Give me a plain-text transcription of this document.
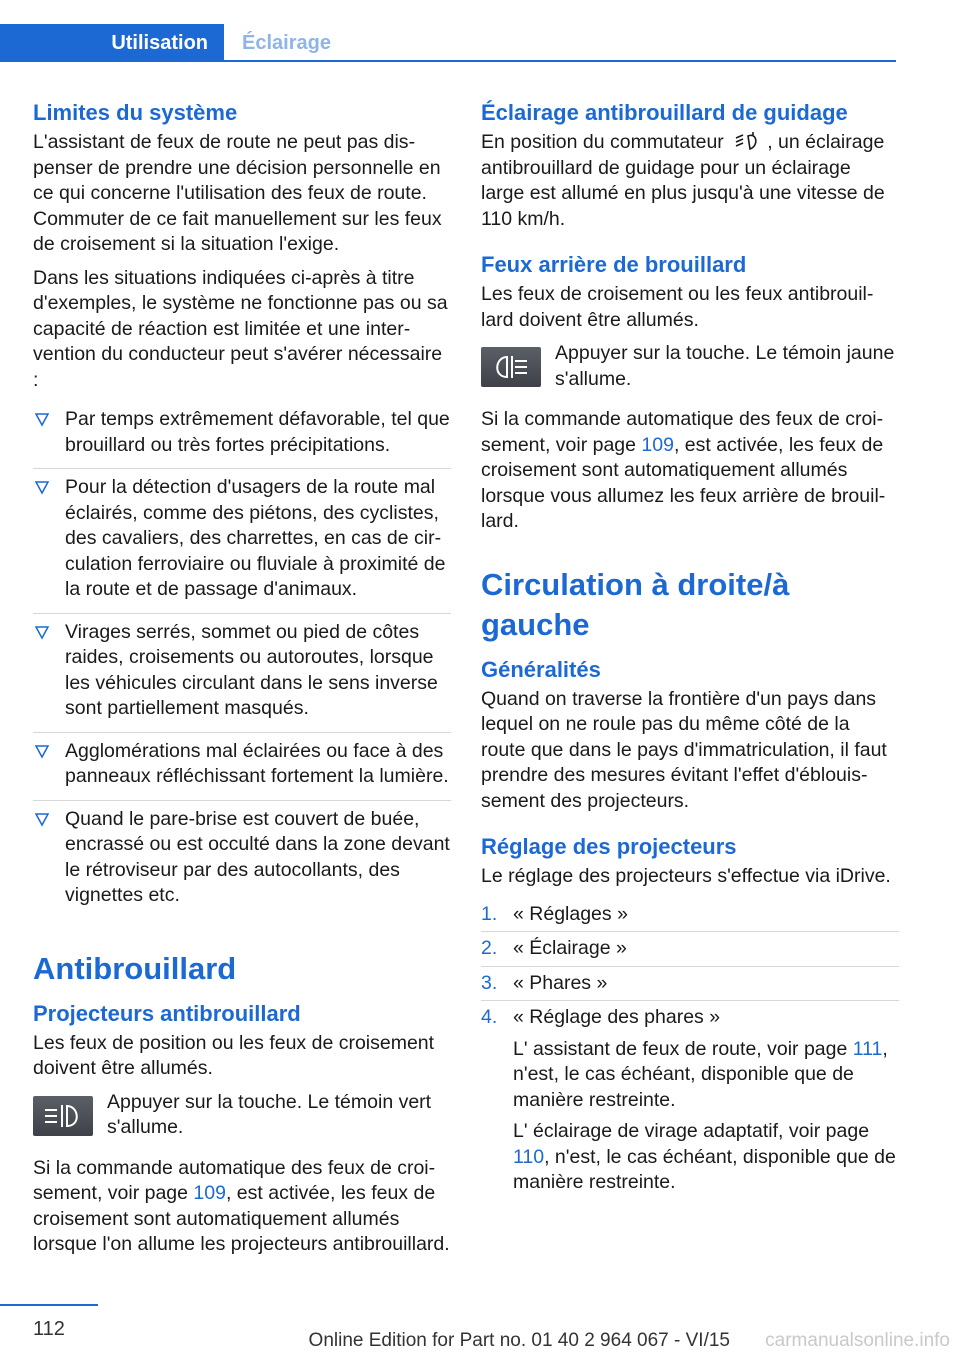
Utilisation	Éclairage
Limites du système

L'assistant de feux de route ne peut pas dispenser de prendre une décision personnelle en ce qui concerne l'utilisation des feux de route. Commuter de ce fait manuellement sur les feux de croisement si la situation l'exige.

Dans les situations indiquées ci-après à titre d'exemples, le système ne fonctionne pas ou sa capacité de réaction est limitée et une intervention du conducteur peut s'avérer nécessaire :

Par temps extrêmement défavorable, tel que brouillard ou très fortes précipitations.
Pour la détection d'usagers de la route mal éclairés, comme des piétons, des cyclistes, des cavaliers, des charrettes, en cas de circulation ferroviaire ou fluviale à proximité de la route et de passage d'animaux.
Virages serrés, sommet ou pied de côtes raides, croisements ou autoroutes, lorsque les véhicules circulant dans le sens inverse sont partiellement masqués.
Agglomérations mal éclairées ou face à des panneaux réfléchissant fortement la lumière.
Quand le pare-brise est couvert de buée, encrassé ou est occulté dans la zone devant le rétroviseur par des autocollants, des vignettes etc.
Antibrouillard
Projecteurs antibrouillard

Les feux de position ou les feux de croisement doivent être allumés.

Appuyer sur la touche. Le témoin vert s'allume.

Si la commande automatique des feux de croisement, voir page 109, est activée, les feux de croisement sont automatiquement allumés lorsque l'on allume les projecteurs antibrouillard.

Éclairage antibrouillard de guidage

En position du commutateur , un éclairage antibrouillard de guidage pour un éclairage large est allumé en plus jusqu'à une vitesse de 110 km/h.

Feux arrière de brouillard

Les feux de croisement ou les feux antibrouillard doivent être allumés.

Appuyer sur la touche. Le témoin jaune s'allume.

Si la commande automatique des feux de croisement, voir page 109, est activée, les feux de croisement sont automatiquement allumés lorsque vous allumez les feux arrière de brouillard.

Circulation à droite/à gauche
Généralités

Quand on traverse la frontière d'un pays dans lequel on ne roule pas du même côté de la route que dans le pays d'immatriculation, il faut prendre des mesures évitant l'effet d'éblouissement des projecteurs.

Réglage des projecteurs

Le réglage des projecteurs s'effectue via iDrive.

1. « Réglages »
2. « Éclairage »
3. « Phares »
4. « Réglage des phares »
L' assistant de feux de route, voir page 111, n'est, le cas échéant, disponible que de manière restreinte.
L' éclairage de virage adaptatif, voir page 110, n'est, le cas échéant, disponible que de manière restreinte.
112
Online Edition for Part no. 01 40 2 964 067 - VI/15 carmanualsonline.info
